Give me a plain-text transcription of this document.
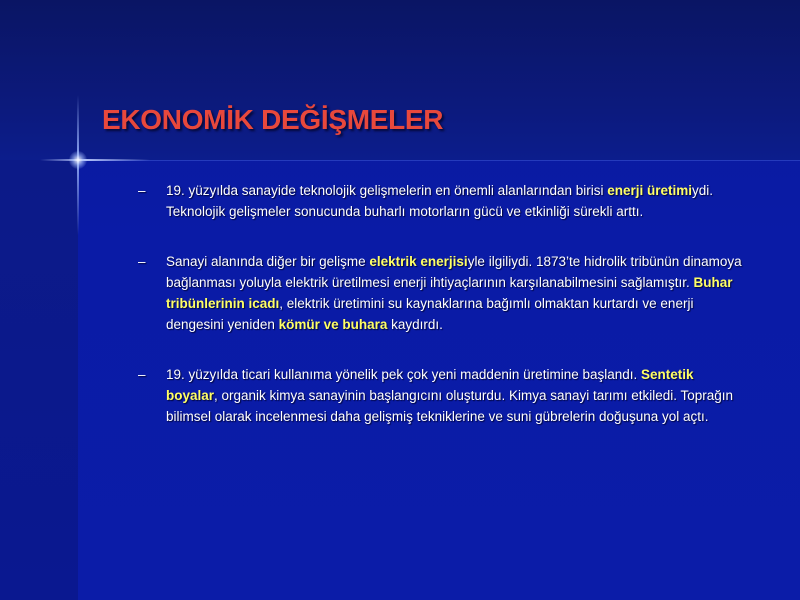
EKONOMİK DEĞİŞMELER
– 19. yüzyılda sanayide teknolojik gelişmelerin en önemli alanlarından birisi enerji üretimiydi. Teknolojik gelişmeler sonucunda buharlı motorların gücü ve etkinliği sürekli arttı.
– Sanayi alanında diğer bir gelişme elektrik enerjisiyle ilgiliydi. 1873’te hidrolik tribünün dinamoya bağlanması yoluyla elektrik üretilmesi enerji ihtiyaçlarının karşılanabilmesini sağlamıştır. Buhar tribünlerinin icadı, elektrik üretimini su kaynaklarına bağımlı olmaktan kurtardı ve enerji dengesini yeniden kömür ve buhara kaydırdı.
– 19. yüzyılda ticari kullanıma yönelik pek çok yeni maddenin üretimine başlandı. Sentetik boyalar, organik kimya sanayinin başlangıcını oluşturdu. Kimya sanayi tarımı etkiledi. Toprağın bilimsel olarak incelenmesi daha gelişmiş tekniklerine ve suni gübrelerin doğuşuna yol açtı.
